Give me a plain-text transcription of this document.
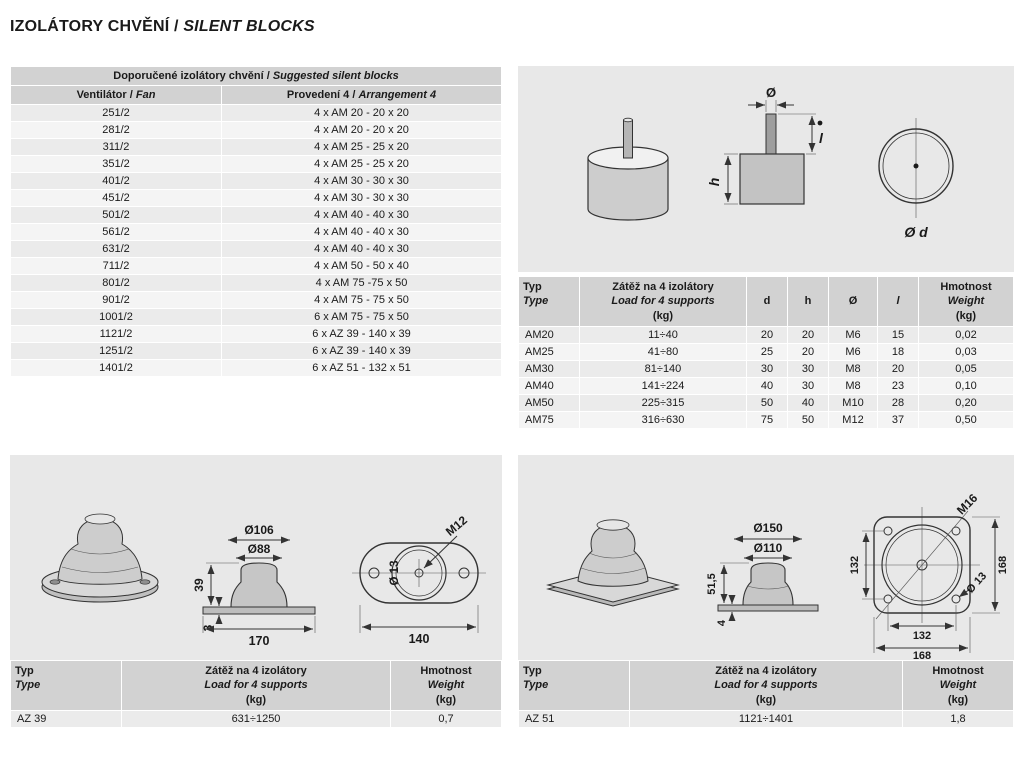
IZOLÁTORY CHVĚNÍ / SILENT BLOCKS
Doporučené izolátory chvění / Suggested silent blocks	
Ventilátor / Fan	Provedení 4 / Arrangement 4
251/2	4 x AM 20 - 20 x 20
281/2	4 x AM 20 - 20 x 20
311/2	4 x AM 25 - 25 x 20
351/2	4 x AM 25 - 25 x 20
401/2	4 x AM 30 - 30 x 30
451/2	4 x AM 30 - 30 x 30
501/2	4 x AM 40 - 40 x 30
561/2	4 x AM 40 - 40 x 30
631/2	4 x AM 40 - 40 x 30
711/2	4 x AM 50 - 50 x 40
801/2	4 x AM 75 -75 x 50
901/2	4 x AM 75 - 75 x 50
1001/2	6 x AM 75 - 75 x 50
1121/2	6 x AZ 39 - 140 x 39
1251/2	6 x AZ 39 - 140 x 39
1401/2	6 x AZ 51 - 132 x 51
Ø
l
h
Ø d
Typ
Type	Zátěž na 4 izolátory
Load for 4 supports
(kg)	d	h	Ø	l	Hmotnost
Weight
(kg)

AM20	11÷40	20	20	M6	15	0,02
AM25	41÷80	25	20	M6	18	0,03
AM30	81÷140	30	30	M8	20	0,05
AM40	141÷224	40	30	M8	23	0,10
AM50	225÷315	50	40	M10	28	0,20
AM75	316÷630	75	50	M12	37	0,50
Ø106
Ø88
39
3
170
Ø 13
M12
140
Typ
Type	Zátěž na 4 izolátory
Load for 4 supports
(kg)	Hmotnost
Weight
(kg)

AZ 39	631÷1250	0,7
Ø150
Ø110
51,5
4
M16
Ø 13
132	168
132
168
Typ
Type	Zátěž na 4 izolátory
Load for 4 supports
(kg)	Hmotnost
Weight
(kg)

AZ 51	1121÷1401	1,8
